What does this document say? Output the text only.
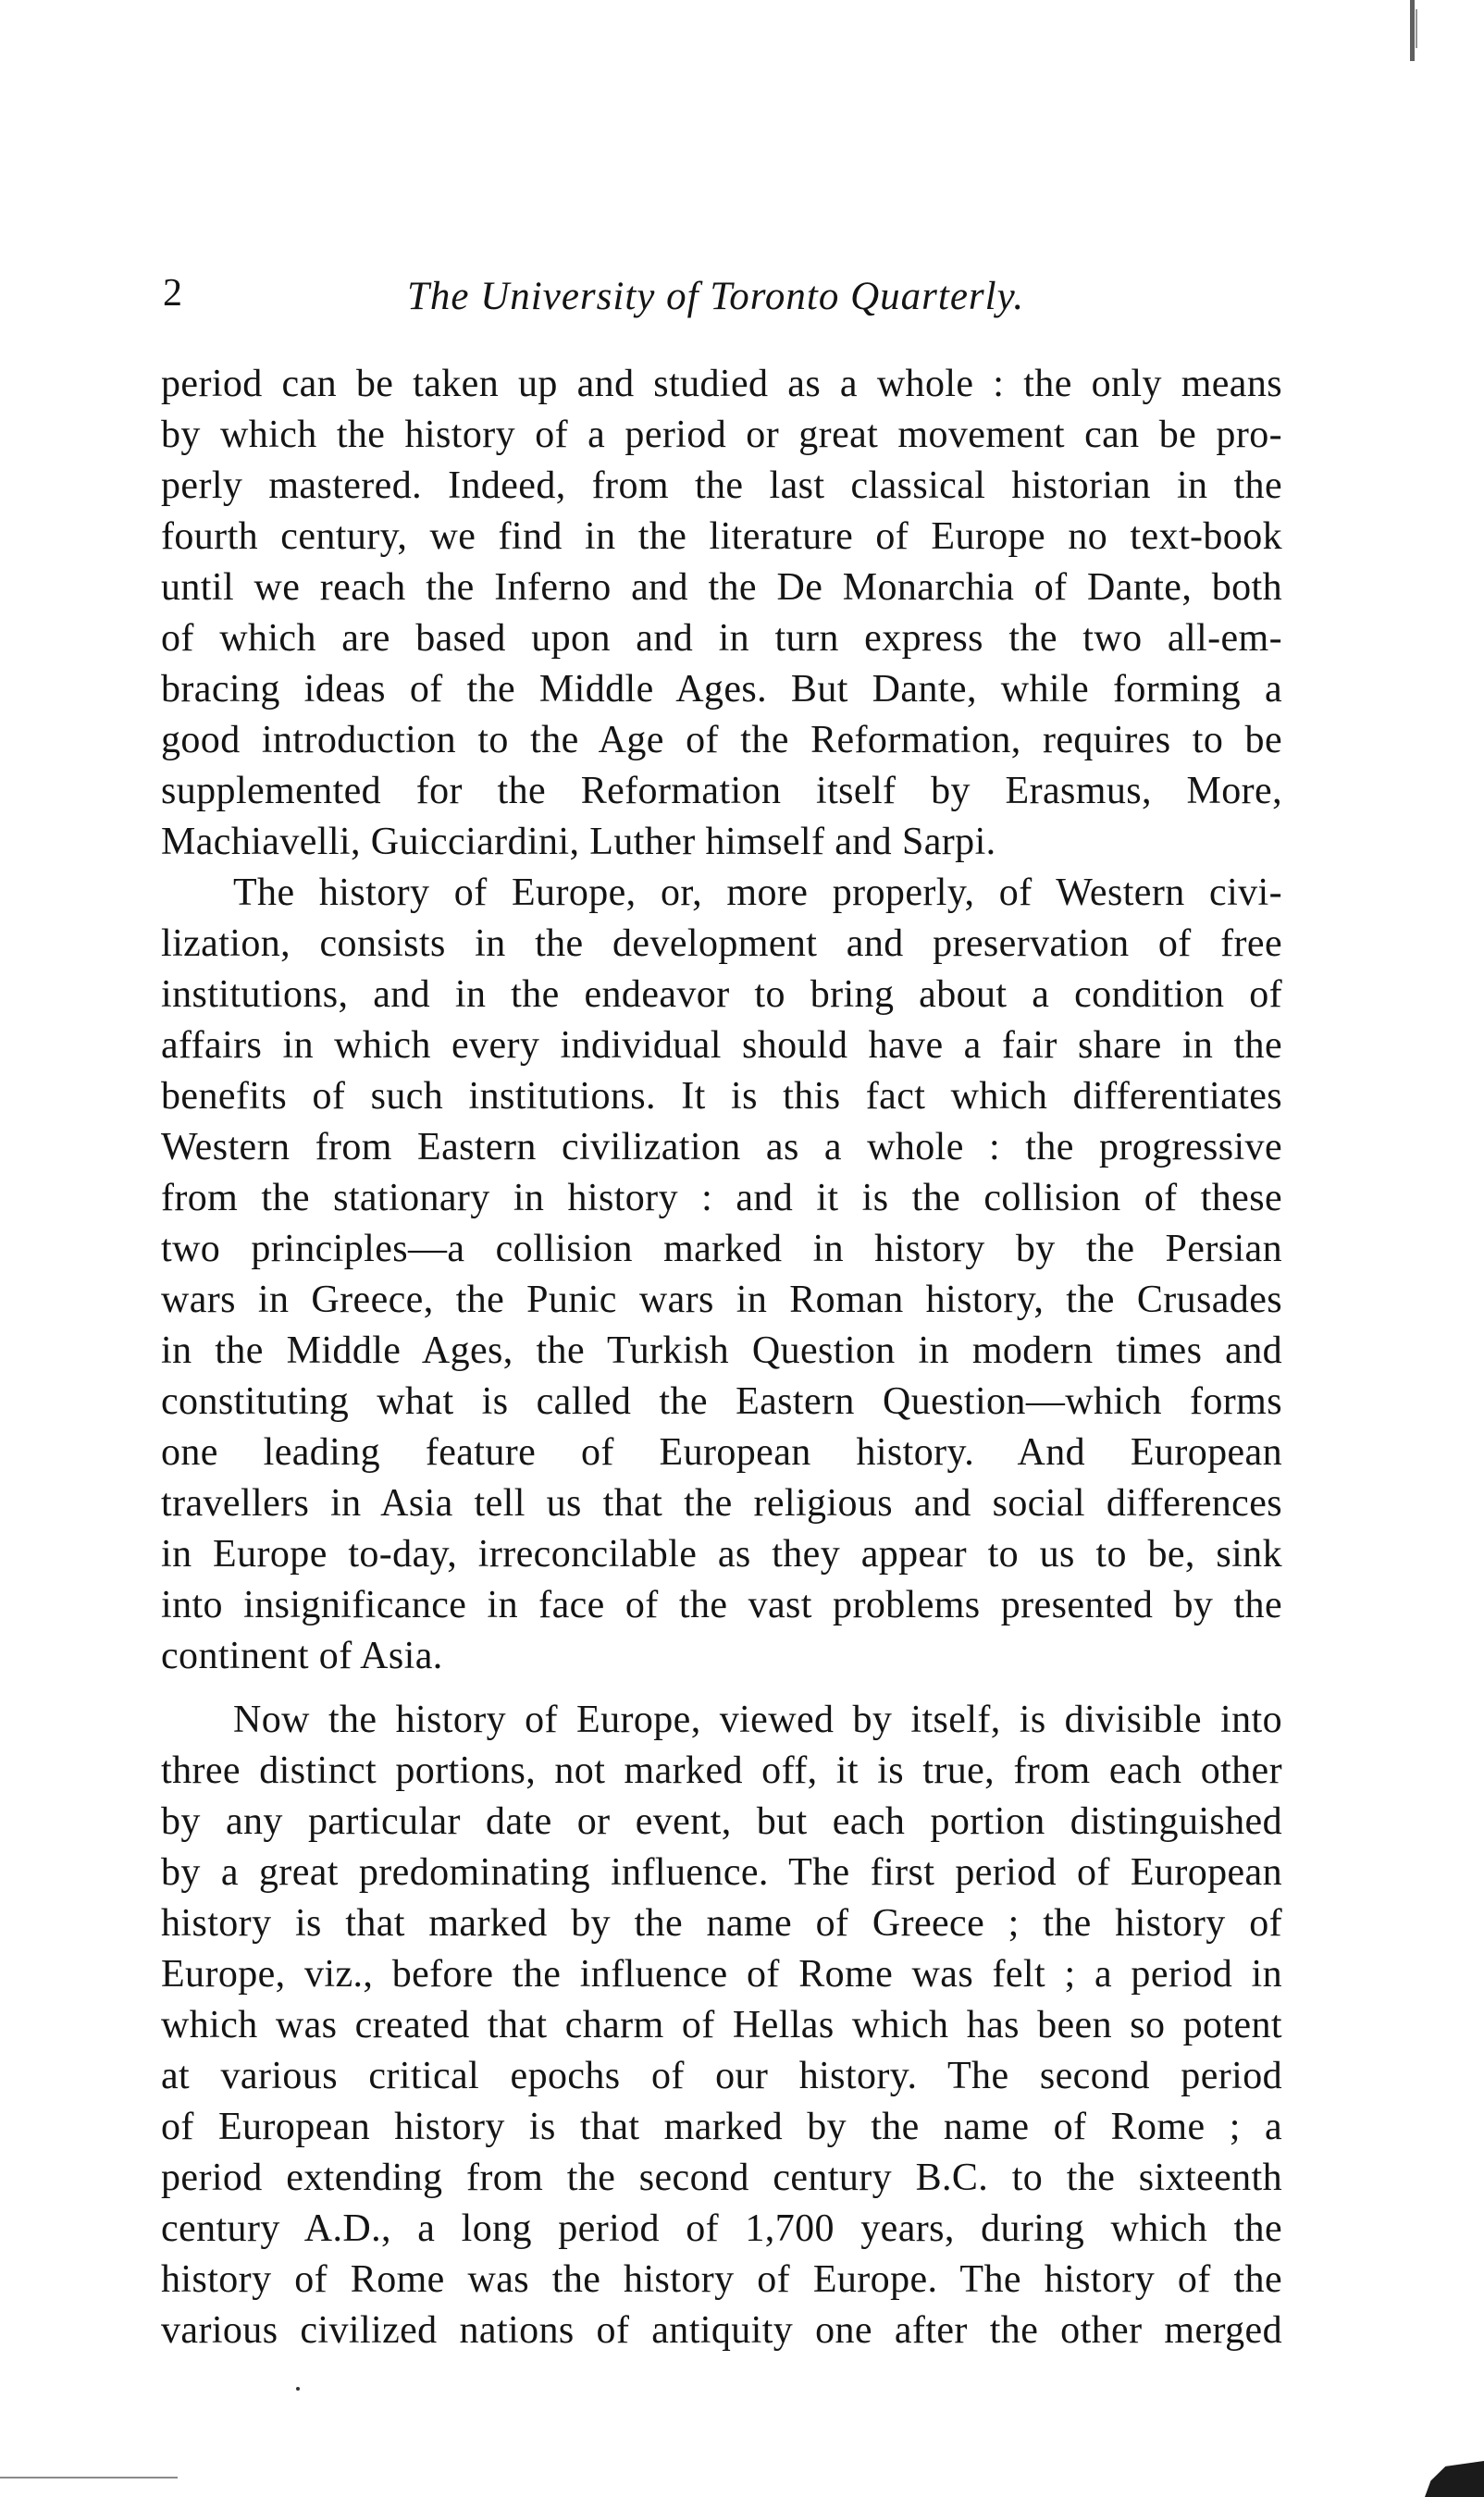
2	The University of Toronto Quarterly.

period can be taken up and studied as a whole : the only means
by which the history of a period or great movement can be pro-
perly mastered. Indeed, from the last classical historian in the
fourth century, we find in the literature of Europe no text-book
until we reach the Inferno and the De Monarchia of Dante, both
of which are based upon and in turn express the two all-em-
bracing ideas of the Middle Ages. But Dante, while forming a
good introduction to the Age of the Reformation, requires to be
supplemented for the Reformation itself by Erasmus, More,
Machiavelli, Guicciardini, Luther himself and Sarpi.

The history of Europe, or, more properly, of Western civi-
lization, consists in the development and preservation of free
institutions, and in the endeavor to bring about a condition of
affairs in which every individual should have a fair share in the
benefits of such institutions. It is this fact which differentiates
Western from Eastern civilization as a whole : the progressive
from the stationary in history : and it is the collision of these
two principles—a collision marked in history by the Persian
wars in Greece, the Punic wars in Roman history, the Crusades
in the Middle Ages, the Turkish Question in modern times and
constituting what is called the Eastern Question—which forms
one leading feature of European history. And European
travellers in Asia tell us that the religious and social differences
in Europe to-day, irreconcilable as they appear to us to be, sink
into insignificance in face of the vast problems presented by the
continent of Asia.

Now the history of Europe, viewed by itself, is divisible into
three distinct portions, not marked off, it is true, from each other
by any particular date or event, but each portion distinguished
by a great predominating influence. The first period of European
history is that marked by the name of Greece ; the history of
Europe, viz., before the influence of Rome was felt ; a period in
which was created that charm of Hellas which has been so potent
at various critical epochs of our history. The second period
of European history is that marked by the name of Rome ; a
period extending from the second century B.C. to the sixteenth
century A.D., a long period of 1,700 years, during which the
history of Rome was the history of Europe. The history of the
various civilized nations of antiquity one after the other merged
